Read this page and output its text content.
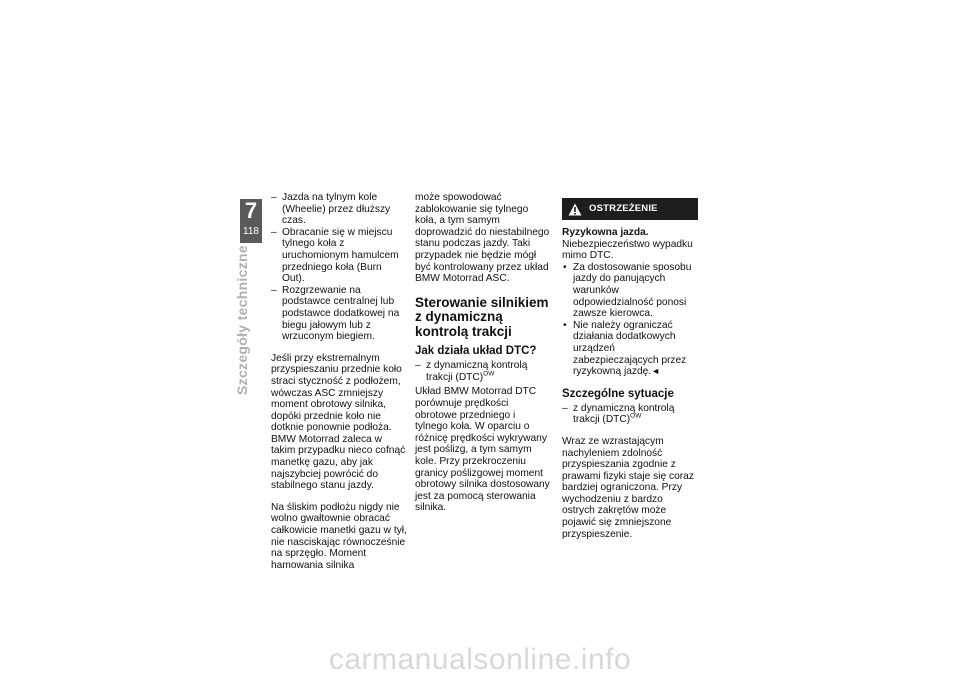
7
118
Szczegóły techniczne
– Jazda na tylnym kole (Wheelie) przez dłuższy czas.
– Obracanie się w miejscu tylnego koła z uruchomionym hamulcem przedniego koła (Burn Out).
– Rozgrzewanie na podstawce centralnej lub podstawce dodatkowej na biegu jałowym lub z wrzuconym biegiem.

Jeśli przy ekstremalnym przyspieszaniu przednie koło straci styczność z podłożem, wówczas ASC zmniejszy moment obrotowy silnika, dopóki przednie koło nie dotknie ponownie podłoża. BMW Motorrad zaleca w takim przypadku nieco cofnąć manetkę gazu, aby jak najszybciej powrócić do stabilnego stanu jazdy.

Na śliskim podłożu nigdy nie wolno gwałtownie obracać całkowicie manetki gazu w tył, nie nasciskając równocześnie na sprzęgło. Moment hamowania silnika

może spowodować zablokowanie się tylnego koła, a tym samym doprowadzić do niestabilnego stanu podczas jazdy. Taki przypadek nie będzie mógł być kontrolowany przez układ BMW Motorrad ASC.

Sterowanie silnikiem z dynamiczną kontrolą trakcji
Jak działa układ DTC?
– z dynamiczną kontrolą trakcji (DTC)$^{OW}$

Układ BMW Motorrad DTC porównuje prędkości obrotowe przedniego i tylnego koła. W oparciu o różnicę prędkości wykrywany jest poślizg, a tym samym kole. Przy przekroczeniu granicy poślizgowej moment obrotowy silnika dostosowany jest za pomocą sterowania silnika.

OSTRZEŻENIE

Ryzykowna jazda.

Niebezpieczeństwo wypadku mimo DTC.

• Za dostosowanie sposobu jazdy do panujących warunków odpowiedzialność ponosi zawsze kierowca.
• Nie należy ograniczać działania dodatkowych urządzeń zabezpieczających przez ryzykowną jazdę.◄
Szczególne sytuacje
– z dynamiczną kontrolą trakcji (DTC)$^{OW}$

Wraz ze wzrastającym nachyleniem zdolność przyspieszania zgodnie z prawami fizyki staje się coraz bardziej ograniczona. Przy wychodzeniu z bardzo ostrych zakrętów może pojawić się zmniejszone przyspieszenie.

carmanualsonline.info
